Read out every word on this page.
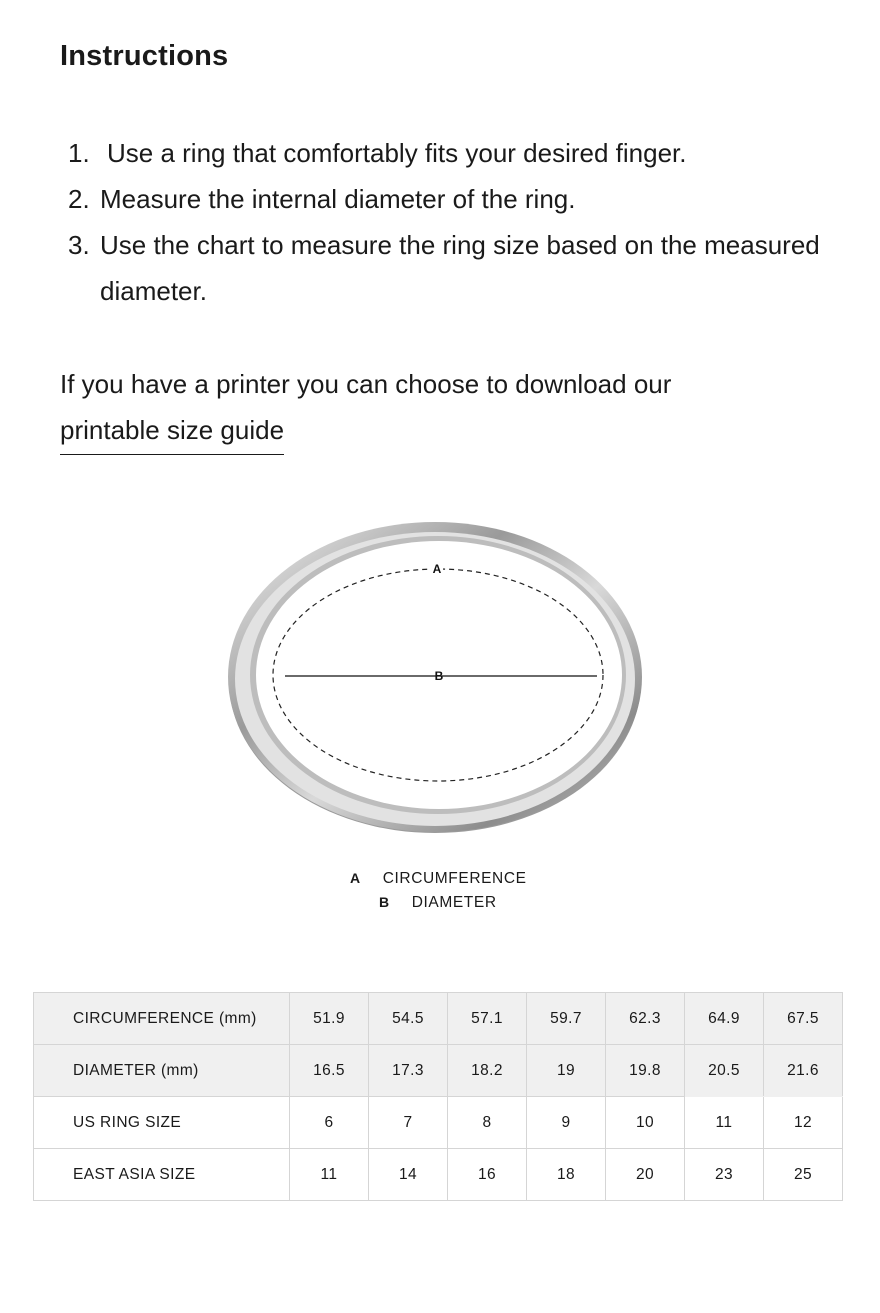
Instructions
1. Use a ring that comfortably fits your desired finger.
2. Measure the internal diameter of the ring.
3. Use the chart to measure the ring size based on the measured diameter.
If you have a printer you can choose to download our
printable size guide
A
B
A CIRCUMFERENCE
B DIAMETER
CIRCUMFERENCE (mm)	51.9	54.5	57.1	59.7	62.3	64.9	67.5
DIAMETER (mm)	16.5	17.3	18.2	19	19.8	20.5	21.6
US RING SIZE	6	7	8	9	10	11	12
EAST ASIA SIZE	11	14	16	18	20	23	25
